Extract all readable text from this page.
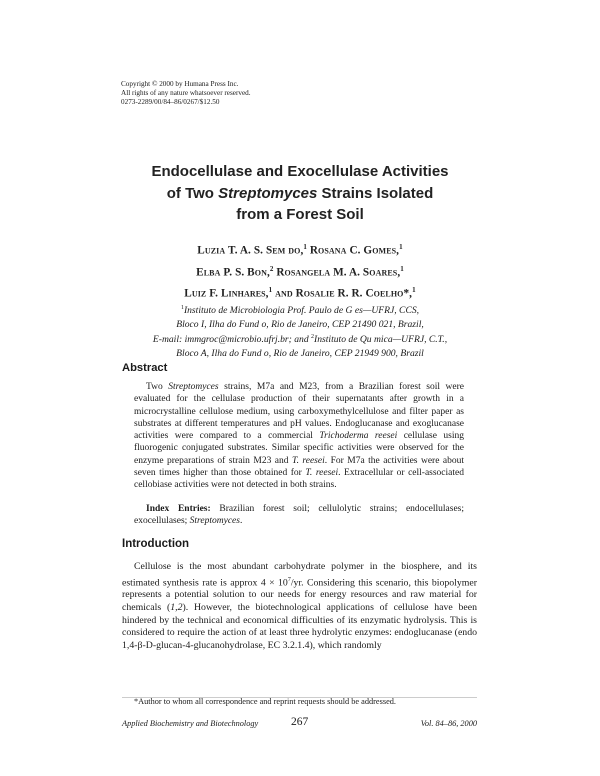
Copyright © 2000 by Humana Press Inc.
All rights of any nature whatsoever reserved.
0273-2289/00/84–86/0267/$12.50
Endocellulase and Exocellulase Activities
of Two Streptomyces Strains Isolated
from a Forest Soil
Luzia T. A. S. Sem do,$^1$ Rosana C. Gomes,$^1$
Elba P. S. Bon,$^2$ Rosangela M. A. Soares,$^1$
Luiz F. Linhares,$^1$ and Rosalie R. R. Coelho*,$^1$
$^1$Instituto de Microbiologia Prof. Paulo de G es—UFRJ, CCS,
Bloco I, Ilha do Fund o, Rio de Janeiro, CEP 21490 021, Brazil,
E-mail: immgroc@microbio.ufrj.br; and $^2$Instituto de Qu mica—UFRJ, C.T.,
Bloco A, Ilha do Fund o, Rio de Janeiro, CEP 21949 900, Brazil
Abstract
Two Streptomyces strains, M7a and M23, from a Brazilian forest soil were evaluated for the cellulase production of their supernatants after growth in a microcrystalline cellulose medium, using carboxymethylcellulose and filter paper as substrates at different temperatures and pH values. Endoglucanase and exoglucanase activities were compared to a commercial Trichoderma reesei cellulase using fluorogenic conjugated substrates. Similar specific activities were observed for the enzyme preparations of strain M23 and T. reesei. For M7a the activities were about seven times higher than those obtained for T. reesei. Extracellular or cell-associated cellobiase activities were not detected in both strains.
Index Entries: Brazilian forest soil; cellulolytic strains; endocellulases; exocellulases; Streptomyces.
Introduction
Cellulose is the most abundant carbohydrate polymer in the biosphere, and its estimated synthesis rate is approx $4 \times 10^7/yr$. Considering this scenario, this biopolymer represents a potential solution to our needs for energy resources and raw material for chemicals (1,2). However, the biotechnological applications of cellulose have been hindered by the technical and economical difficulties of its enzymatic hydrolysis. This is considered to require the action of at least three hydrolytic enzymes: endoglucanase (endo 1,4-β-D-glucan-4-glucanohydrolase, EC 3.2.1.4), which randomly
*Author to whom all correspondence and reprint requests should be addressed.
Applied Biochemistry and Biotechnology	267	Vol. 84–86, 2000
